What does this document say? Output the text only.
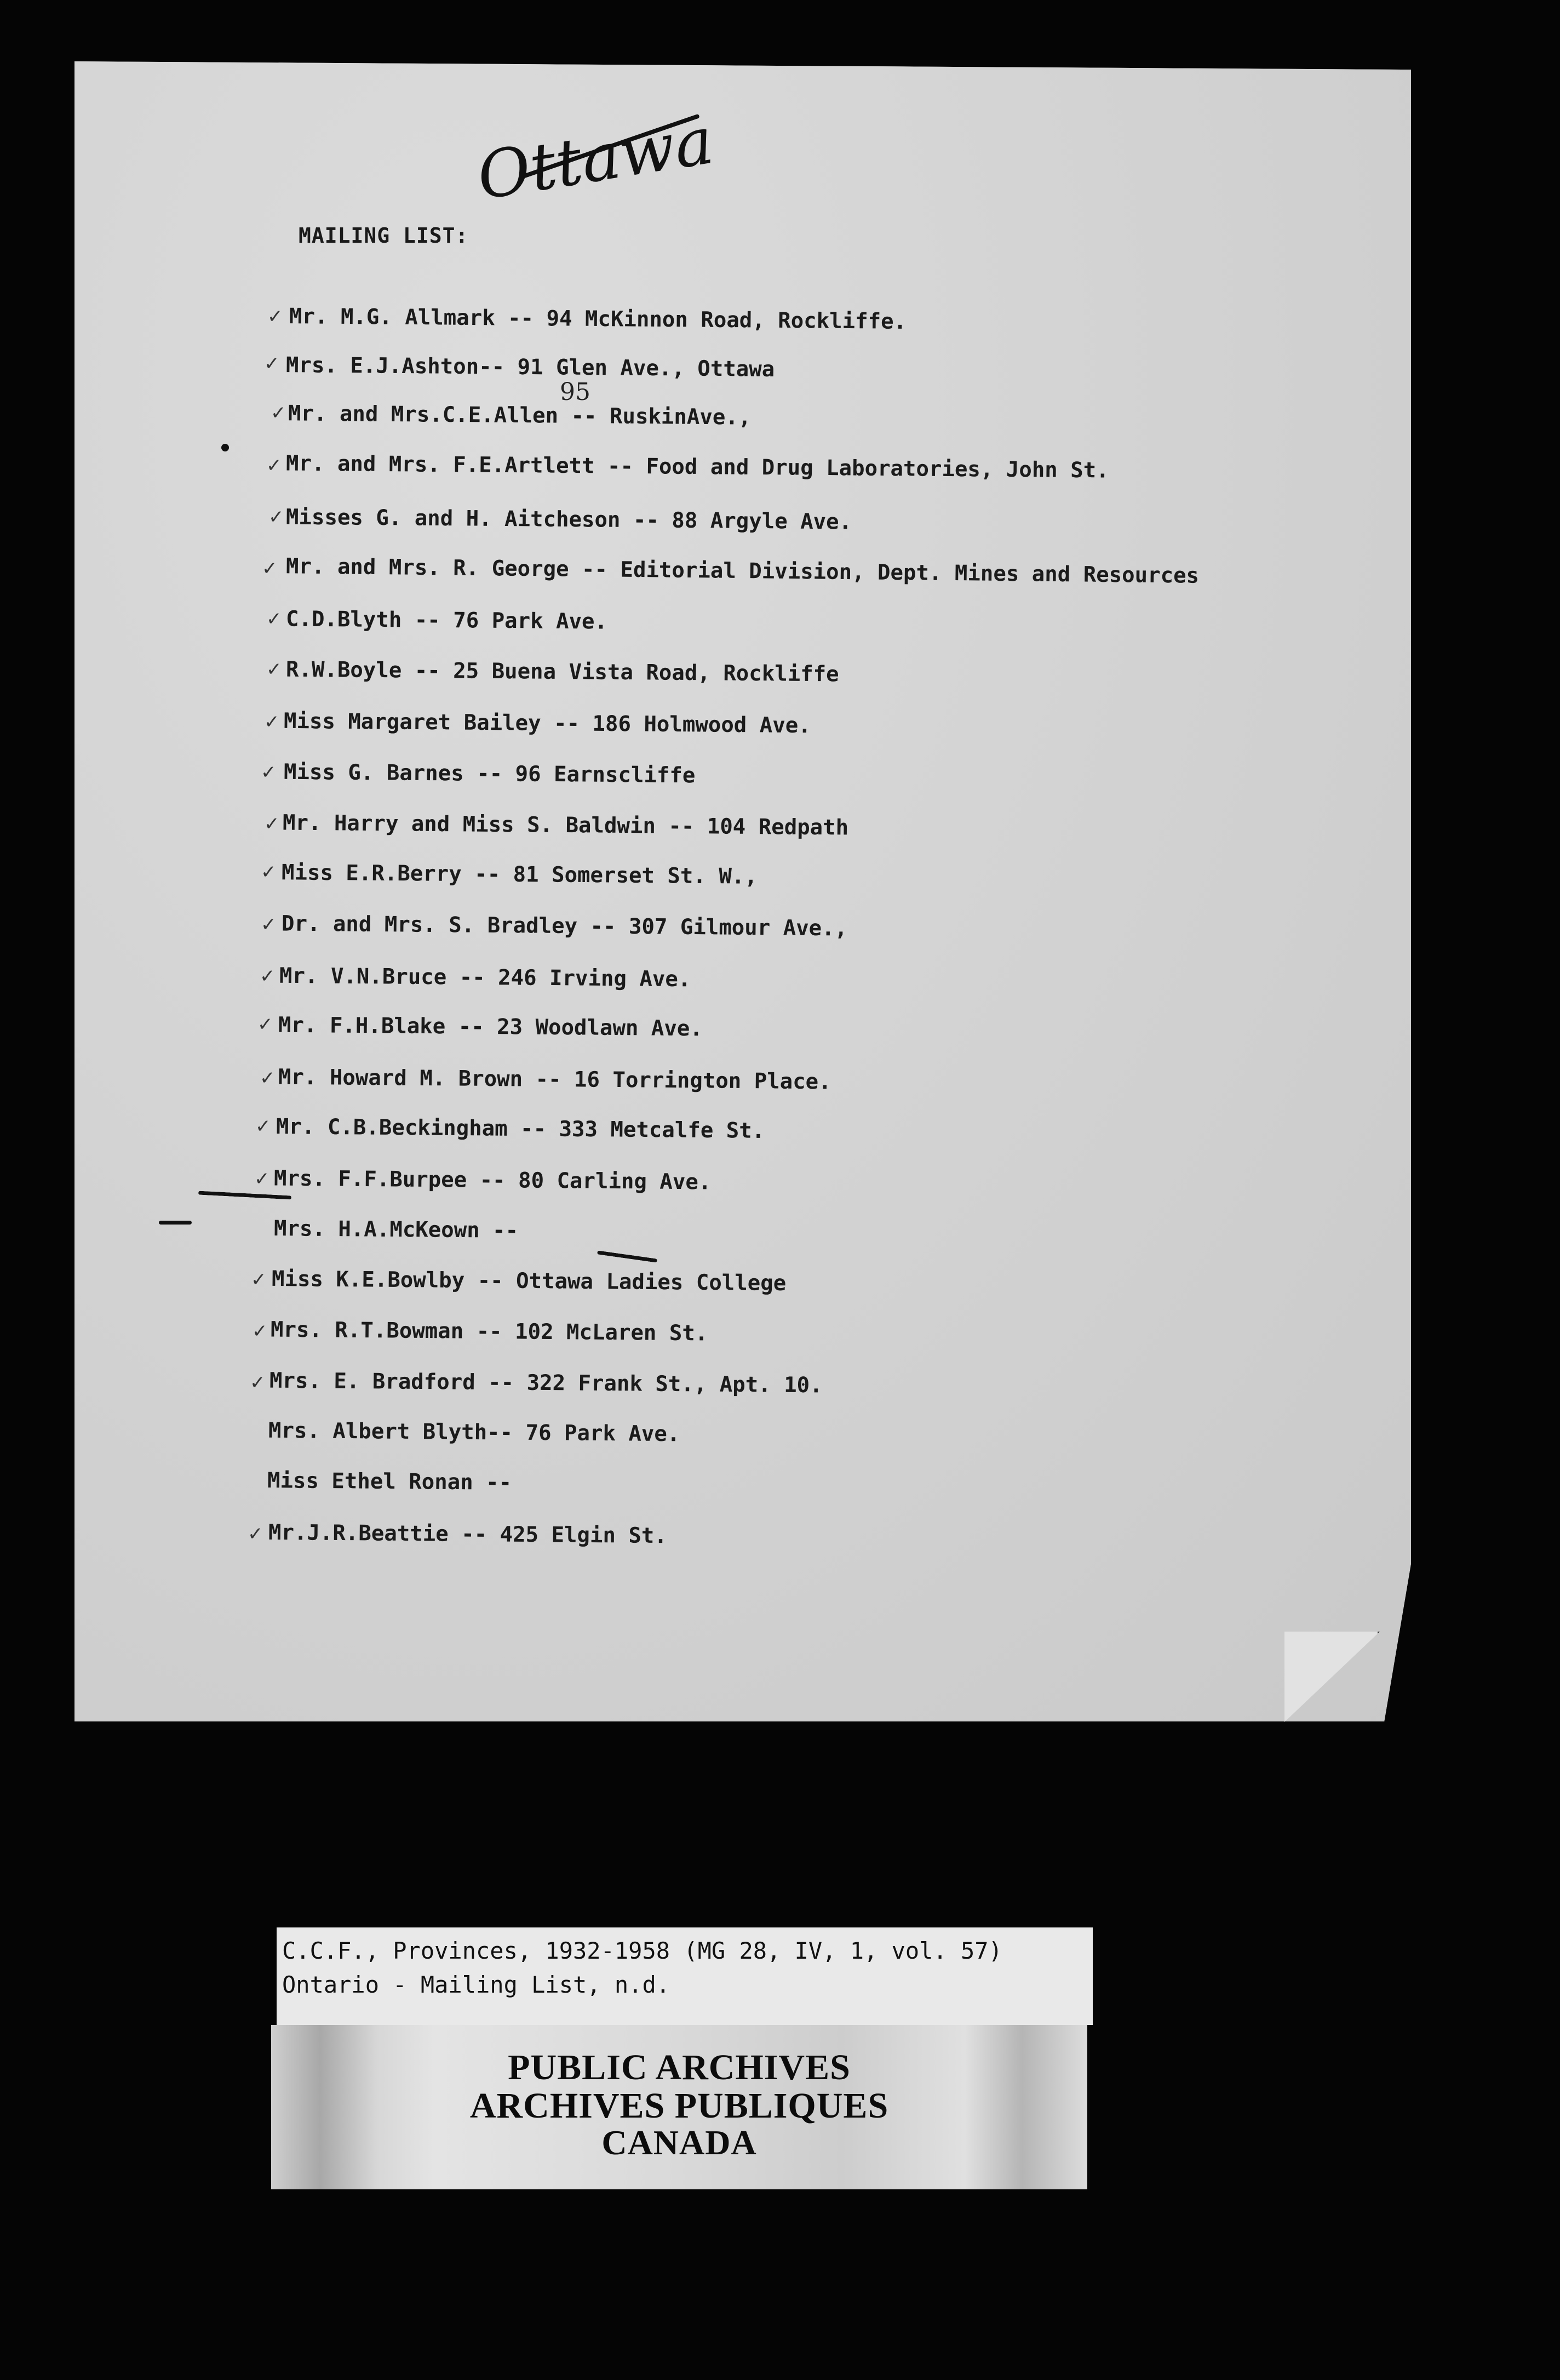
Ottawa
MAILING LIST:
✓
✓
✓
✓
✓
✓
✓
✓
✓
✓
✓
✓
✓
✓
✓
✓
✓
✓
✓
✓
✓
✓
95
Mr. M.G. Allmark -- 94 McKinnon Road, Rockliffe.
Mrs. E.J.Ashton-- 91 Glen Ave., Ottawa
Mr. and Mrs.C.E.Allen -- RuskinAve.,
Mr. and Mrs. F.E.Artlett -- Food and Drug Laboratories, John St.
Misses G. and H. Aitcheson -- 88 Argyle Ave.
Mr. and Mrs. R. George -- Editorial Division, Dept. Mines and Resources
C.D.Blyth -- 76 Park Ave.
R.W.Boyle -- 25 Buena Vista Road, Rockliffe
Miss Margaret Bailey -- 186 Holmwood Ave.
Miss G. Barnes -- 96 Earnscliffe
Mr. Harry and Miss S. Baldwin -- 104 Redpath
Miss E.R.Berry -- 81 Somerset St. W.,
Dr. and Mrs. S. Bradley -- 307 Gilmour Ave.,
Mr. V.N.Bruce -- 246 Irving Ave.
Mr. F.H.Blake -- 23 Woodlawn Ave.
Mr. Howard M. Brown -- 16 Torrington Place.
Mr. C.B.Beckingham -- 333 Metcalfe St.
Mrs. F.F.Burpee -- 80 Carling Ave.
Mrs. H.A.McKeown --
Miss K.E.Bowlby -- Ottawa Ladies College
Mrs. R.T.Bowman -- 102 McLaren St.
Mrs. E. Bradford -- 322 Frank St., Apt. 10.
Mrs. Albert Blyth-- 76 Park Ave.
Miss Ethel Ronan --
Mr.J.R.Beattie -- 425 Elgin St.
C.C.F., Provinces, 1932-1958 (MG 28, IV, 1, vol. 57)
Ontario - Mailing List, n.d.
PUBLIC ARCHIVES
ARCHIVES PUBLIQUES
CANADA
